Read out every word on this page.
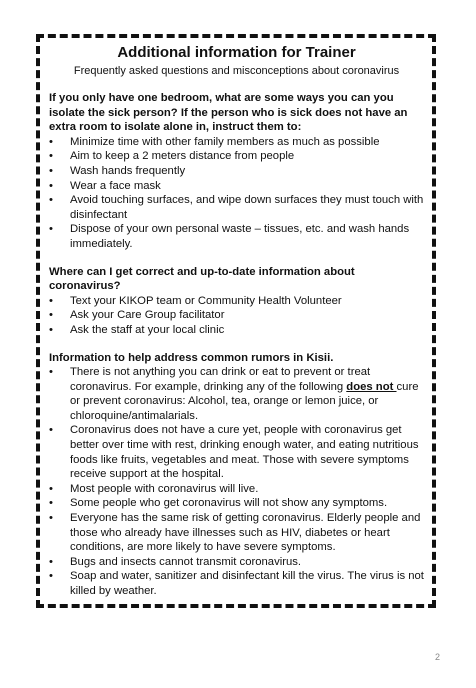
Additional information for Trainer

Frequently asked questions and misconceptions about coronavirus

If you only have one bedroom, what are some ways you can you isolate the sick person? If the person who is sick does not have an extra room to isolate alone in, instruct them to:

• Minimize time with other family members as much as possible
• Aim to keep a 2 meters distance from people
• Wash hands frequently
• Wear a face mask
• Avoid touching surfaces, and wipe down surfaces they must touch with disinfectant
• Dispose of your own personal waste – tissues, etc. and wash hands immediately.

Where can I get correct and up-to-date information about coronavirus?

• Text your KIKOP team or Community Health Volunteer
• Ask your Care Group facilitator
• Ask the staff at your local clinic

Information to help address common rumors in Kisii.

• There is not anything you can drink or eat to prevent or treat coronavirus. For example, drinking any of the following does not cure or prevent coronavirus: Alcohol, tea, orange or lemon juice, or chloroquine/antimalarials.
• Coronavirus does not have a cure yet, people with coronavirus get better over time with rest, drinking enough water, and eating nutritious foods like fruits, vegetables and meat. Those with severe symptoms receive support at the hospital.
• Most people with coronavirus will live.
• Some people who get coronavirus will not show any symptoms.
• Everyone has the same risk of getting coronavirus. Elderly people and those who already have illnesses such as HIV, diabetes or heart conditions, are more likely to have severe symptoms.
• Bugs and insects cannot transmit coronavirus.
• Soap and water, sanitizer and disinfectant kill the virus. The virus is not killed by weather.
2
